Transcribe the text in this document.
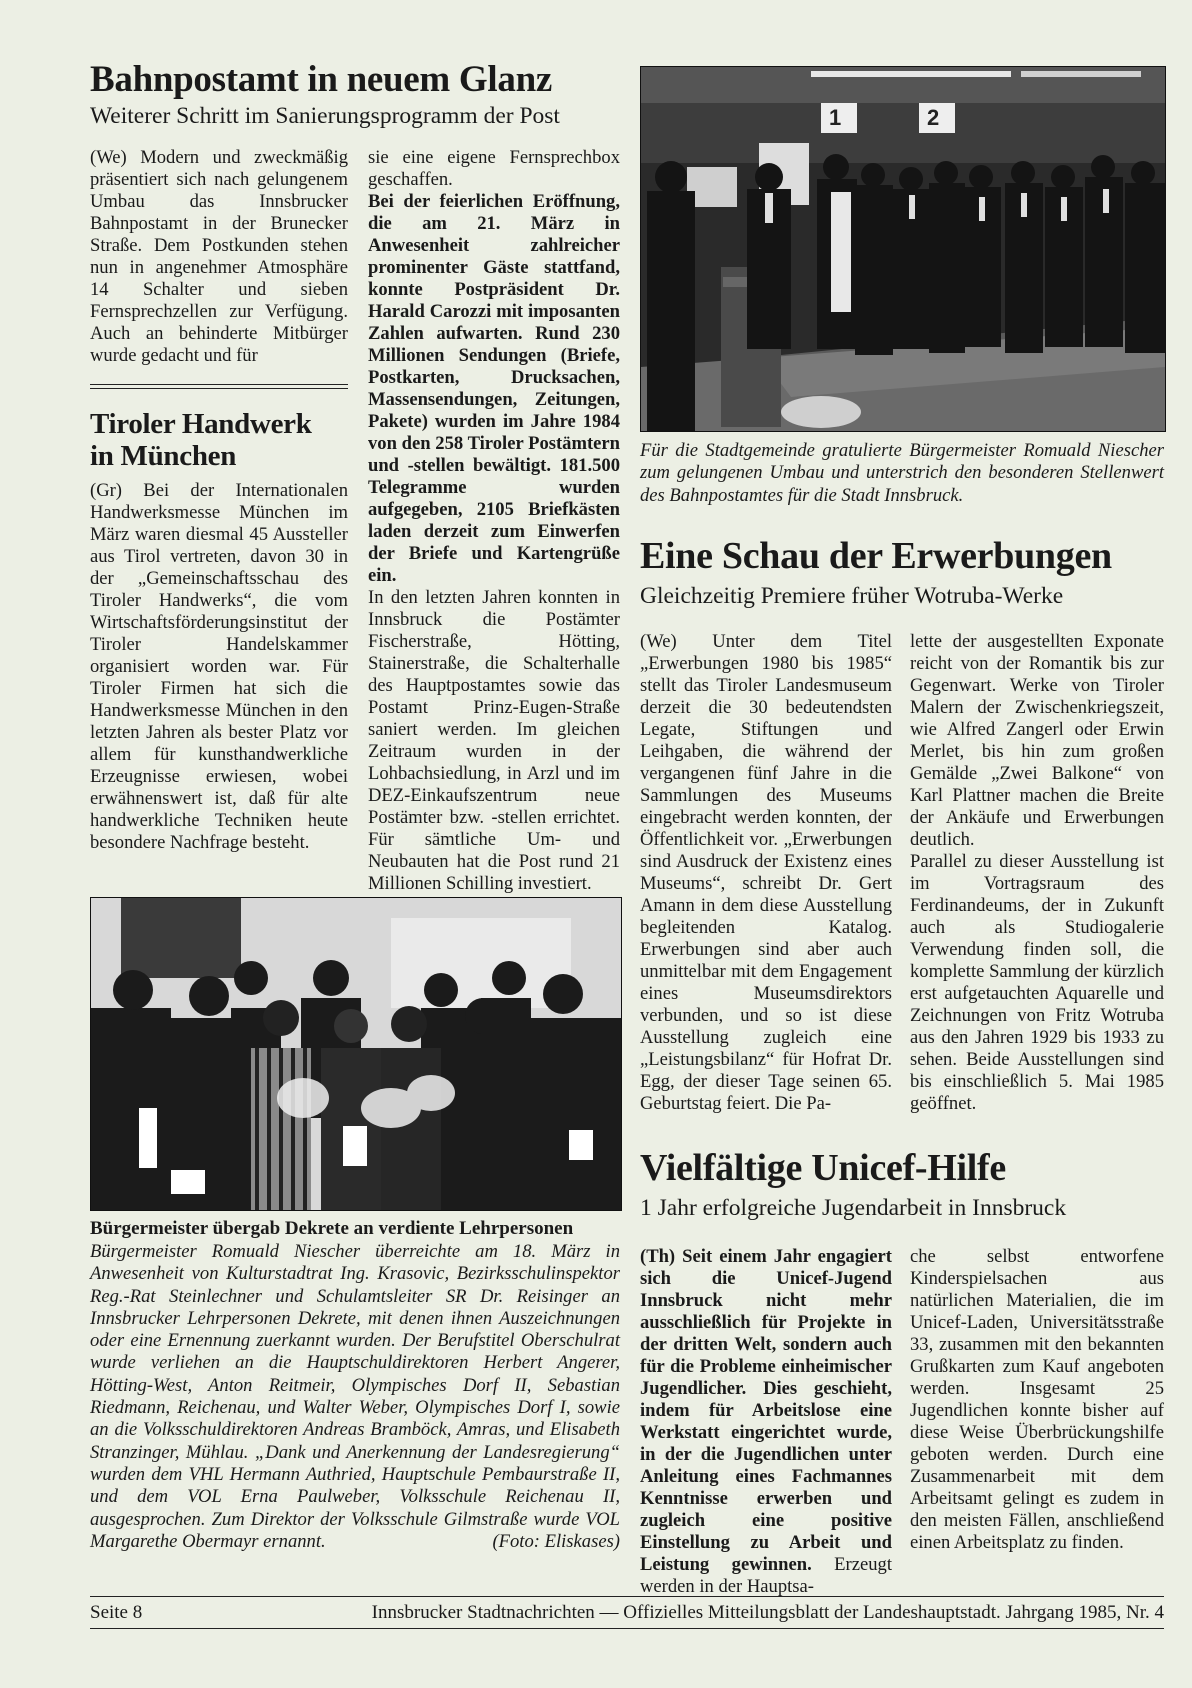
Bahnpostamt in neuem Glanz
Weiterer Schritt im Sanierungsprogramm der Post

(We) Modern und zweckmäßig präsentiert sich nach gelungenem Umbau das Innsbrucker Bahnpostamt in der Brunecker Straße. Dem Postkunden stehen nun in angenehmer Atmosphäre 14 Schalter und sieben Fernsprechzellen zur Verfügung. Auch an behinderte Mitbürger wurde gedacht und für

sie eine eigene Fernsprechbox geschaffen.

Bei der feierlichen Eröffnung, die am 21. März in Anwesenheit zahlreicher prominenter Gäste stattfand, konnte Postpräsident Dr. Harald Carozzi mit imposanten Zahlen aufwarten. Rund 230 Millionen Sendungen (Briefe, Postkarten, Drucksachen, Massensendungen, Zeitungen, Pakete) wurden im Jahre 1984 von den 258 Tiroler Postämtern und -stellen bewältigt. 181.500 Telegramme wurden aufgegeben, 2105 Briefkästen laden derzeit zum Einwerfen der Briefe und Kartengrüße ein.

In den letzten Jahren konnten in Innsbruck die Postämter Fischerstraße, Hötting, Stainerstraße, die Schalterhalle des Hauptpostamtes sowie das Postamt Prinz-Eugen-Straße saniert werden. Im gleichen Zeitraum wurden in der Lohbachsiedlung, in Arzl und im DEZ-Einkaufszentrum neue Postämter bzw. -stellen errichtet. Für sämtliche Um- und Neubauten hat die Post rund 21 Millionen Schilling investiert.

Tiroler Handwerk
in München

(Gr) Bei der Internationalen Handwerksmesse München im März waren diesmal 45 Aussteller aus Tirol vertreten, davon 30 in der „Gemeinschaftsschau des Tiroler Handwerks“, die vom Wirtschaftsförderungsinstitut der Tiroler Handelskammer organisiert worden war. Für Tiroler Firmen hat sich die Handwerksmesse München in den letzten Jahren als bester Platz vor allem für kunsthandwerkliche Erzeugnisse erwiesen, wobei erwähnenswert ist, daß für alte handwerkliche Techniken heute besondere Nachfrage besteht.

1	2

Für die Stadtgemeinde gratulierte Bürgermeister Romuald Niescher zum gelungenen Umbau und unterstrich den besonderen Stellenwert des Bahnpostamtes für die Stadt Innsbruck.

Eine Schau der Erwerbungen
Gleichzeitig Premiere früher Wotruba-Werke

(We) Unter dem Titel „Erwerbungen 1980 bis 1985“ stellt das Tiroler Landesmuseum derzeit die 30 bedeutendsten Legate, Stiftungen und Leihgaben, die während der vergangenen fünf Jahre in die Sammlungen des Museums eingebracht werden konnten, der Öffentlichkeit vor. „Erwerbungen sind Ausdruck der Existenz eines Museums“, schreibt Dr. Gert Amann in dem diese Ausstellung begleitenden Katalog. Erwerbungen sind aber auch unmittelbar mit dem Engagement eines Museumsdirektors verbunden, und so ist diese Ausstellung zugleich eine „Leistungsbilanz“ für Hofrat Dr. Egg, der dieser Tage seinen 65. Geburtstag feiert. Die Pa-

lette der ausgestellten Exponate reicht von der Romantik bis zur Gegenwart. Werke von Tiroler Malern der Zwischenkriegszeit, wie Alfred Zangerl oder Erwin Merlet, bis hin zum großen Gemälde „Zwei Balkone“ von Karl Plattner machen die Breite der Ankäufe und Erwerbungen deutlich.

Parallel zu dieser Ausstellung ist im Vortragsraum des Ferdinandeums, der in Zukunft auch als Studiogalerie Verwendung finden soll, die komplette Sammlung der kürzlich erst aufgetauchten Aquarelle und Zeichnungen von Fritz Wotruba aus den Jahren 1929 bis 1933 zu sehen. Beide Ausstellungen sind bis einschließlich 5. Mai 1985 geöffnet.

Bürgermeister übergab Dekrete an verdiente Lehrpersonen

Bürgermeister Romuald Niescher überreichte am 18. März in Anwesenheit von Kulturstadtrat Ing. Krasovic, Bezirksschulinspektor Reg.-Rat Steinlechner und Schulamtsleiter SR Dr. Reisinger an Innsbrucker Lehrpersonen Dekrete, mit denen ihnen Auszeichnungen oder eine Ernennung zuerkannt wurden. Der Berufstitel Oberschulrat wurde verliehen an die Hauptschuldirektoren Herbert Angerer, Hötting-West, Anton Reitmeir, Olympisches Dorf II, Sebastian Riedmann, Reichenau, und Walter Weber, Olympisches Dorf I, sowie an die Volksschuldirektoren Andreas Bramböck, Amras, und Elisabeth Stranzinger, Mühlau. „Dank und Anerkennung der Landesregierung“ wurden dem VHL Hermann Authried, Hauptschule Pembaurstraße II, und dem VOL Erna Paulweber, Volksschule Reichenau II, ausgesprochen. Zum Direktor der Volksschule Gilmstraße wurde VOL Margarethe Obermayr ernannt.	(Foto: Eliskases)

Vielfältige Unicef-Hilfe
1 Jahr erfolgreiche Jugendarbeit in Innsbruck

(Th) Seit einem Jahr engagiert sich die Unicef-Jugend Innsbruck nicht mehr ausschließlich für Projekte in der dritten Welt, sondern auch für die Probleme einheimischer Jugendlicher. Dies geschieht, indem für Arbeitslose eine Werkstatt eingerichtet wurde, in der die Jugendlichen unter Anleitung eines Fachmannes Kenntnisse erwerben und zugleich eine positive Einstellung zu Arbeit und Leistung gewinnen. Erzeugt werden in der Hauptsa-

che selbst entworfene Kinderspielsachen aus natürlichen Materialien, die im Unicef-Laden, Universitätsstraße 33, zusammen mit den bekannten Grußkarten zum Kauf angeboten werden. Insgesamt 25 Jugendlichen konnte bisher auf diese Weise Überbrückungshilfe geboten werden. Durch eine Zusammenarbeit mit dem Arbeitsamt gelingt es zudem in den meisten Fällen, anschließend einen Arbeitsplatz zu finden.

Seite 8	Innsbrucker Stadtnachrichten — Offizielles Mitteilungsblatt der Landeshauptstadt. Jahrgang 1985, Nr. 4
